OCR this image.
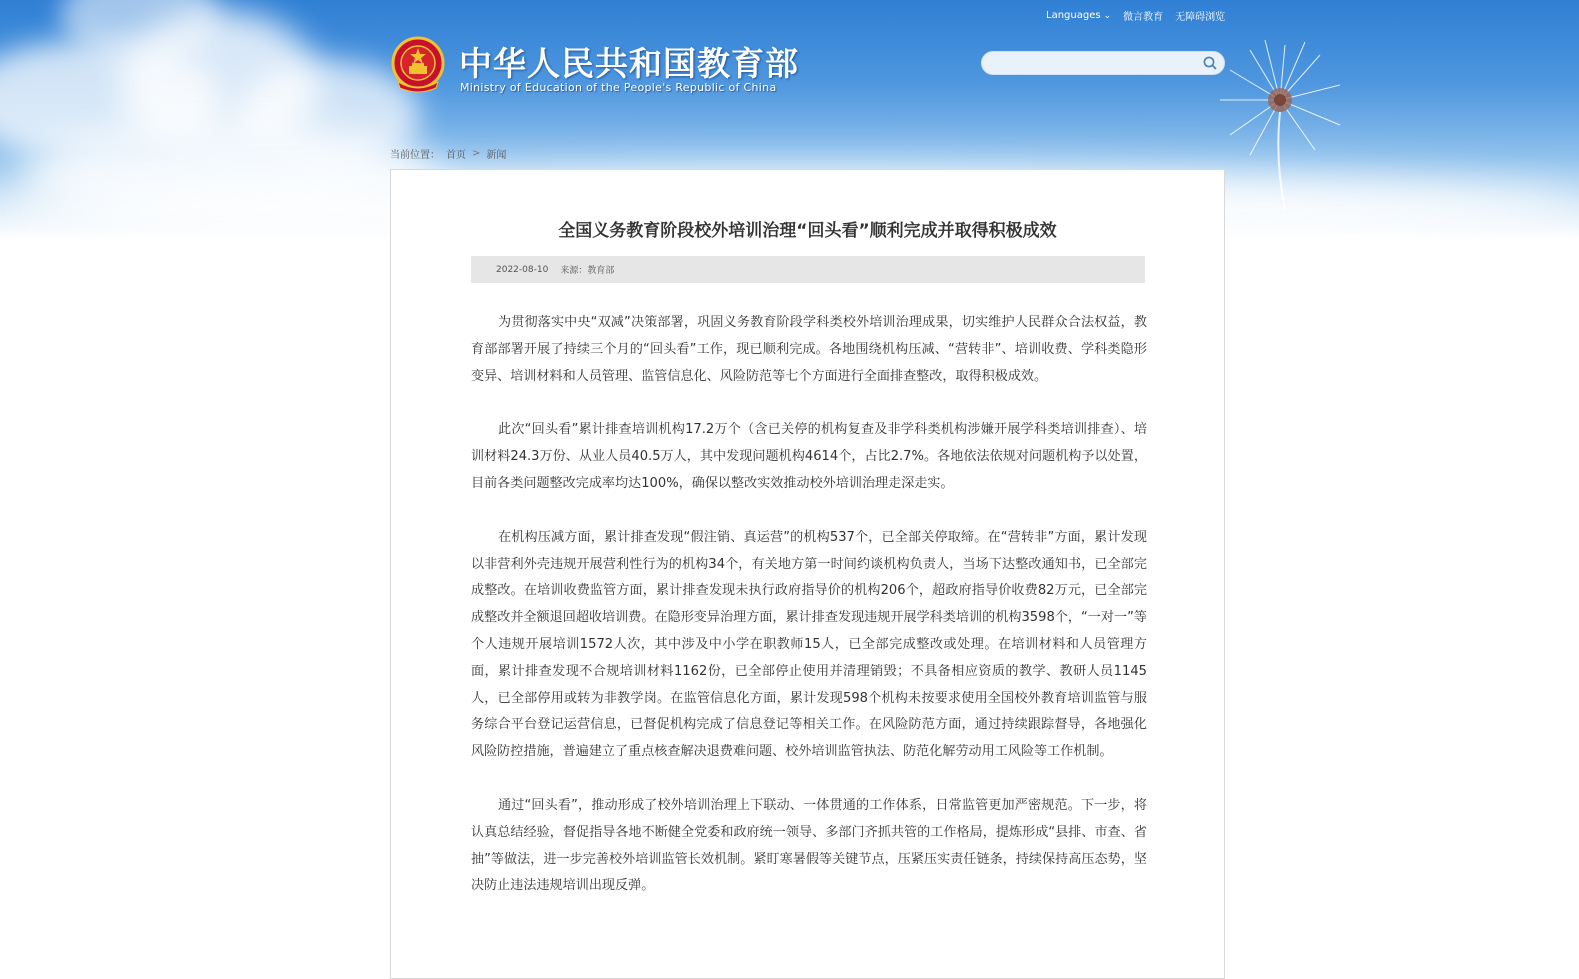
Languages ⌄ 微言教育 无障碍浏览
中华人民共和国教育部
Ministry of Education of the People's Republic of China
当前位置： 首页 > 新闻
全国义务教育阶段校外培训治理“回头看”顺利完成并取得积极成效
2022-08-10 来源：教育部

为贯彻落实中央“双减”决策部署，巩固义务教育阶段学科类校外培训治理成果，切实维护人民群众合法权益，教育部部署开展了持续三个月的“回头看”工作，现已顺利完成。各地围绕机构压减、“营转非”、培训收费、学科类隐形变异、培训材料和人员管理、监管信息化、风险防范等七个方面进行全面排查整改，取得积极成效。

此次“回头看”累计排查培训机构17.2万个（含已关停的机构复查及非学科类机构涉嫌开展学科类培训排查）、培训材料24.3万份、从业人员40.5万人，其中发现问题机构4614个，占比2.7%。各地依法依规对问题机构予以处置，目前各类问题整改完成率均达100%，确保以整改实效推动校外培训治理走深走实。

在机构压减方面，累计排查发现“假注销、真运营”的机构537个，已全部关停取缔。在“营转非”方面，累计发现以非营利外壳违规开展营利性行为的机构34个，有关地方第一时间约谈机构负责人，当场下达整改通知书，已全部完成整改。在培训收费监管方面，累计排查发现未执行政府指导价的机构206个，超政府指导价收费82万元，已全部完成整改并全额退回超收培训费。在隐形变异治理方面，累计排查发现违规开展学科类培训的机构3598个，“一对一”等个人违规开展培训1572人次，其中涉及中小学在职教师15人，已全部完成整改或处理。在培训材料和人员管理方面，累计排查发现不合规培训材料1162份，已全部停止使用并清理销毁；不具备相应资质的教学、教研人员1145人，已全部停用或转为非教学岗。在监管信息化方面，累计发现598个机构未按要求使用全国校外教育培训监管与服务综合平台登记运营信息，已督促机构完成了信息登记等相关工作。在风险防范方面，通过持续跟踪督导，各地强化风险防控措施，普遍建立了重点核查解决退费难问题、校外培训监管执法、防范化解劳动用工风险等工作机制。

通过“回头看”，推动形成了校外培训治理上下联动、一体贯通的工作体系，日常监管更加严密规范。下一步，将认真总结经验，督促指导各地不断健全党委和政府统一领导、多部门齐抓共管的工作格局，提炼形成“县排、市查、省抽”等做法，进一步完善校外培训监管长效机制。紧盯寒暑假等关键节点，压紧压实责任链条，持续保持高压态势，坚决防止违法违规培训出现反弹。
